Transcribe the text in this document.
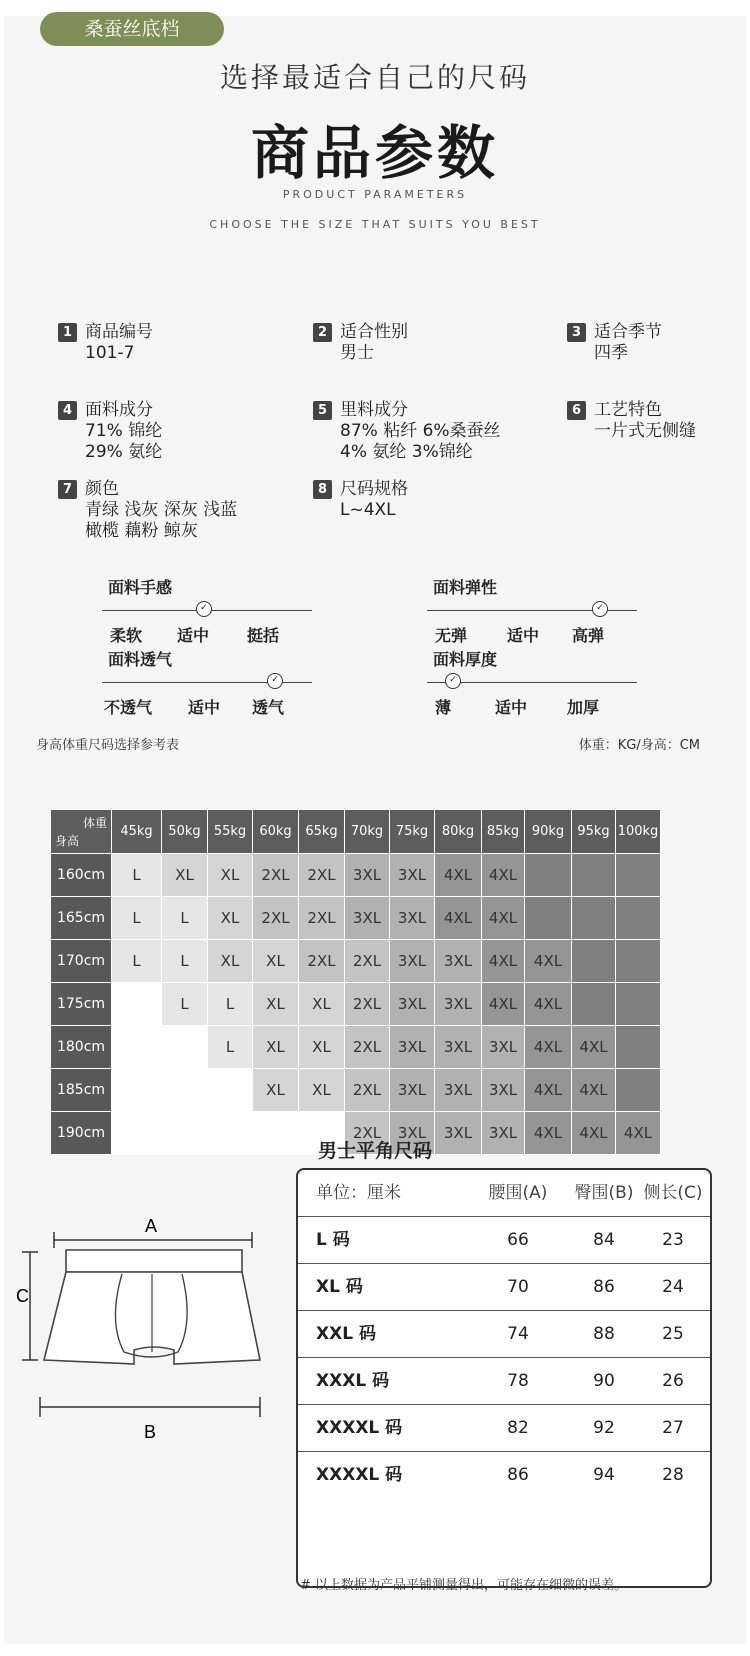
桑蚕丝底档
选择最适合自己的尺码
商品参数
PRODUCT PARAMETERS
CHOOSE THE SIZE THAT SUITS YOU BEST
1 商品编号
101-7
2 适合性别
男士
3 适合季节
四季
4 面料成分
71% 锦纶
29% 氨纶
5 里料成分
87% 粘纤 6%桑蚕丝
4% 氨纶 3%锦纶
6 工艺特色
一片式无侧缝
7 颜色
青绿 浅灰 深灰 浅蓝
橄榄 藕粉 鲸灰
8 尺码规格
L~4XL
面料手感
✓
柔软 适中 挺括
面料弹性
✓
无弹 适中 高弹
面料透气
✓
不透气 适中 透气
面料厚度
✓
薄	适中 加厚
身高体重尺码选择参考表	体重：KG/身高：CM
体重
身高	45kg	50kg	55kg	60kg	65kg	70kg	75kg	80kg	85kg	90kg	95kg	100kg
160cm	L	XL	XL	2XL	2XL	3XL	3XL	4XL	4XL			
165cm	L	L	XL	2XL	2XL	3XL	3XL	4XL	4XL			
170cm	L	L	XL	XL	2XL	2XL	3XL	3XL	4XL	4XL		
175cm		L	L	XL	XL	2XL	3XL	3XL	4XL	4XL		
180cm			L	XL	XL	2XL	3XL	3XL	3XL	4XL	4XL	
185cm				XL	XL	2XL	3XL	3XL	3XL	4XL	4XL	
190cm						2XL	3XL	3XL	3XL	4XL	4XL	4XL
男士平角尺码
A
C
B
单位：厘米	腰围(A) 臀围(B) 侧长(C)
L 码	66	84	23
XL 码	70	86	24
XXL 码	74	88	25
XXXL 码	78	90	26
XXXXL 码	82	92	27
XXXXL 码	86	94	28
# 以上数据为产品平铺测量得出，可能存在细微的误差。
